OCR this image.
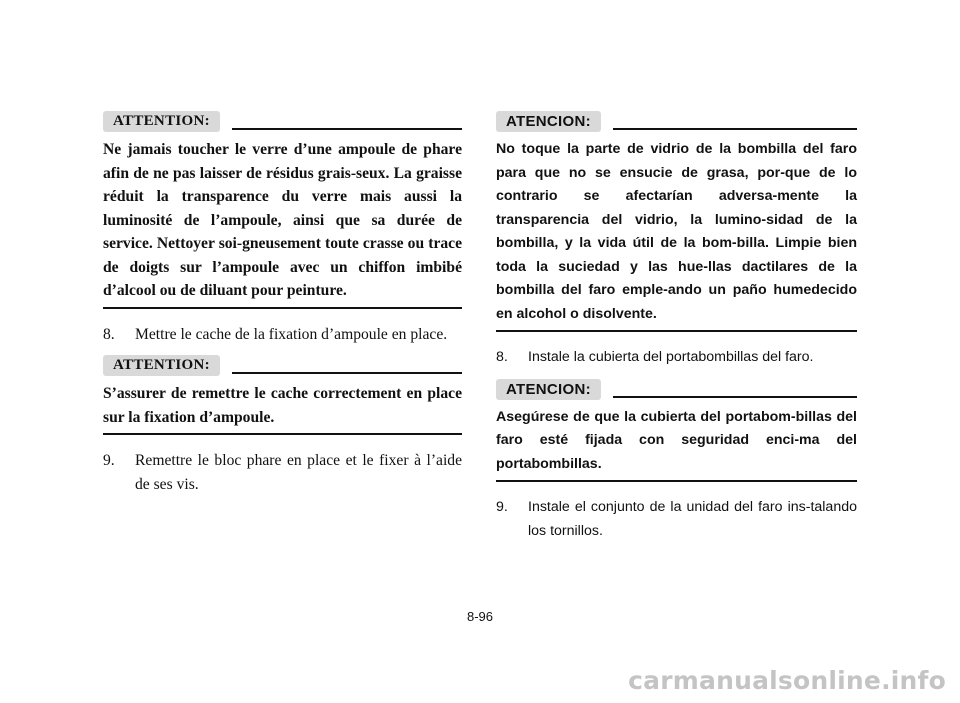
ATTENTION:
Ne jamais toucher le verre d’une ampoule de phare afin de ne pas laisser de résidus grais-seux. La graisse réduit la transparence du verre mais aussi la luminosité de l’ampoule, ainsi que sa durée de service. Nettoyer soi-gneusement toute crasse ou trace de doigts sur l’ampoule avec un chiffon imbibé d’alcool ou de diluant pour peinture.
8.	Mettre le cache de la fixation d’ampoule en place.
ATTENTION:
S’assurer de remettre le cache correctement en place sur la fixation d’ampoule.
9.	Remettre le bloc phare en place et le fixer à l’aide de ses vis.
ATENCION:
No toque la parte de vidrio de la bombilla del faro para que no se ensucie de grasa, por-que de lo contrario se afectarían adversa-mente la transparencia del vidrio, la lumino-sidad de la bombilla, y la vida útil de la bom-billa. Limpie bien toda la suciedad y las hue-llas dactilares de la bombilla del faro emple-ando un paño humedecido en alcohol o disolvente.
8.	Instale la cubierta del portabombillas del faro.
ATENCION:
Asegúrese de que la cubierta del portabom-billas del faro esté fijada con seguridad enci-ma del portabombillas.
9.	Instale el conjunto de la unidad del faro ins-talando los tornillos.
8-96
carmanualsonline.info
